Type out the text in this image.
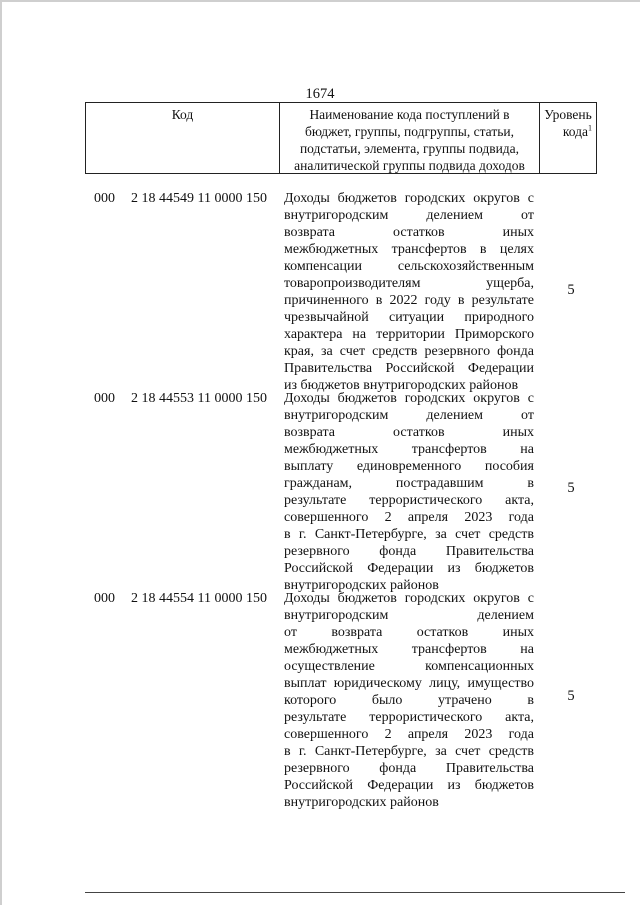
1674
Код	Наименование кода поступлений в
бюджет, группы, подгруппы, статьи,
подстатьи, элемента, группы подвида,
аналитической группы подвида доходов
Уровень
кода$^1$
000 2 18 44549 11 0000 150 Доходы бюджетов городских округов с
внутригородским делением от
возврата остатков иных
межбюджетных трансфертов в целях
компенсации сельскохозяйственным
товаропроизводителям ущерба,
причиненного в 2022 году в результате
чрезвычайной ситуации природного
характера на территории Приморского
края, за счет средств резервного фонда
Правительства Российской Федерации
из бюджетов внутригородских районов
5
000 2 18 44553 11 0000 150 Доходы бюджетов городских округов с
внутригородским делением от
возврата остатков иных
межбюджетных трансфертов на
выплату единовременного пособия
гражданам, пострадавшим в
результате террористического акта,
совершенного 2 апреля 2023 года
в г. Санкт-Петербурге, за счет средств
резервного фонда Правительства
Российской Федерации из бюджетов
внутригородских районов
5
000 2 18 44554 11 0000 150 Доходы бюджетов городских округов с
внутригородским делением
от возврата остатков иных
межбюджетных трансфертов на
осуществление компенсационных
выплат юридическому лицу, имущество
которого было утрачено в
результате террористического акта,
совершенного 2 апреля 2023 года
в г. Санкт-Петербурге, за счет средств
резервного фонда Правительства
Российской Федерации из бюджетов
внутригородских районов
5
